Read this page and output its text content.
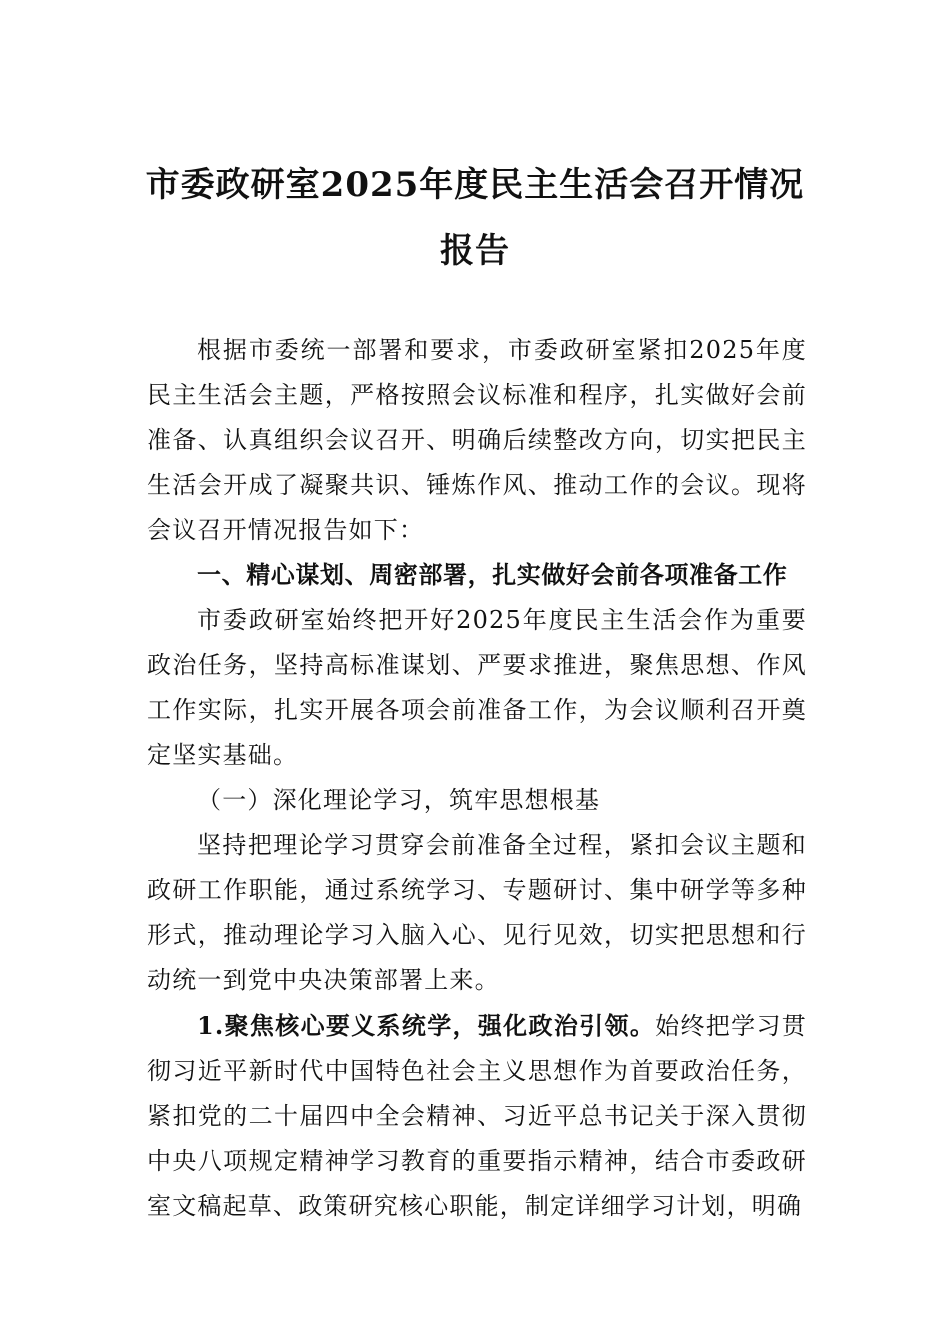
市委政研室2025年度民主生活会召开情况
报告

根据市委统一部署和要求，市委政研室紧扣2025年度民主生活会主题，严格按照会议标准和程序，扎实做好会前准备、认真组织会议召开、明确后续整改方向，切实把民主生活会开成了凝聚共识、锤炼作风、推动工作的会议。现将会议召开情况报告如下：

一、精心谋划、周密部署，扎实做好会前各项准备工作

市委政研室始终把开好2025年度民主生活会作为重要政治任务，坚持高标准谋划、严要求推进，聚焦思想、作风工作实际，扎实开展各项会前准备工作，为会议顺利召开奠定坚实基础。

（一）深化理论学习，筑牢思想根基

坚持把理论学习贯穿会前准备全过程，紧扣会议主题和政研工作职能，通过系统学习、专题研讨、集中研学等多种形式，推动理论学习入脑入心、见行见效，切实把思想和行动统一到党中央决策部署上来。

1.聚焦核心要义系统学，强化政治引领。始终把学习贯彻习近平新时代中国特色社会主义思想作为首要政治任务，紧扣党的二十届四中全会精神、习近平总书记关于深入贯彻中央八项规定精神学习教育的重要指示精神，结合市委政研室文稿起草、政策研究核心职能，制定详细学习计划，明确
